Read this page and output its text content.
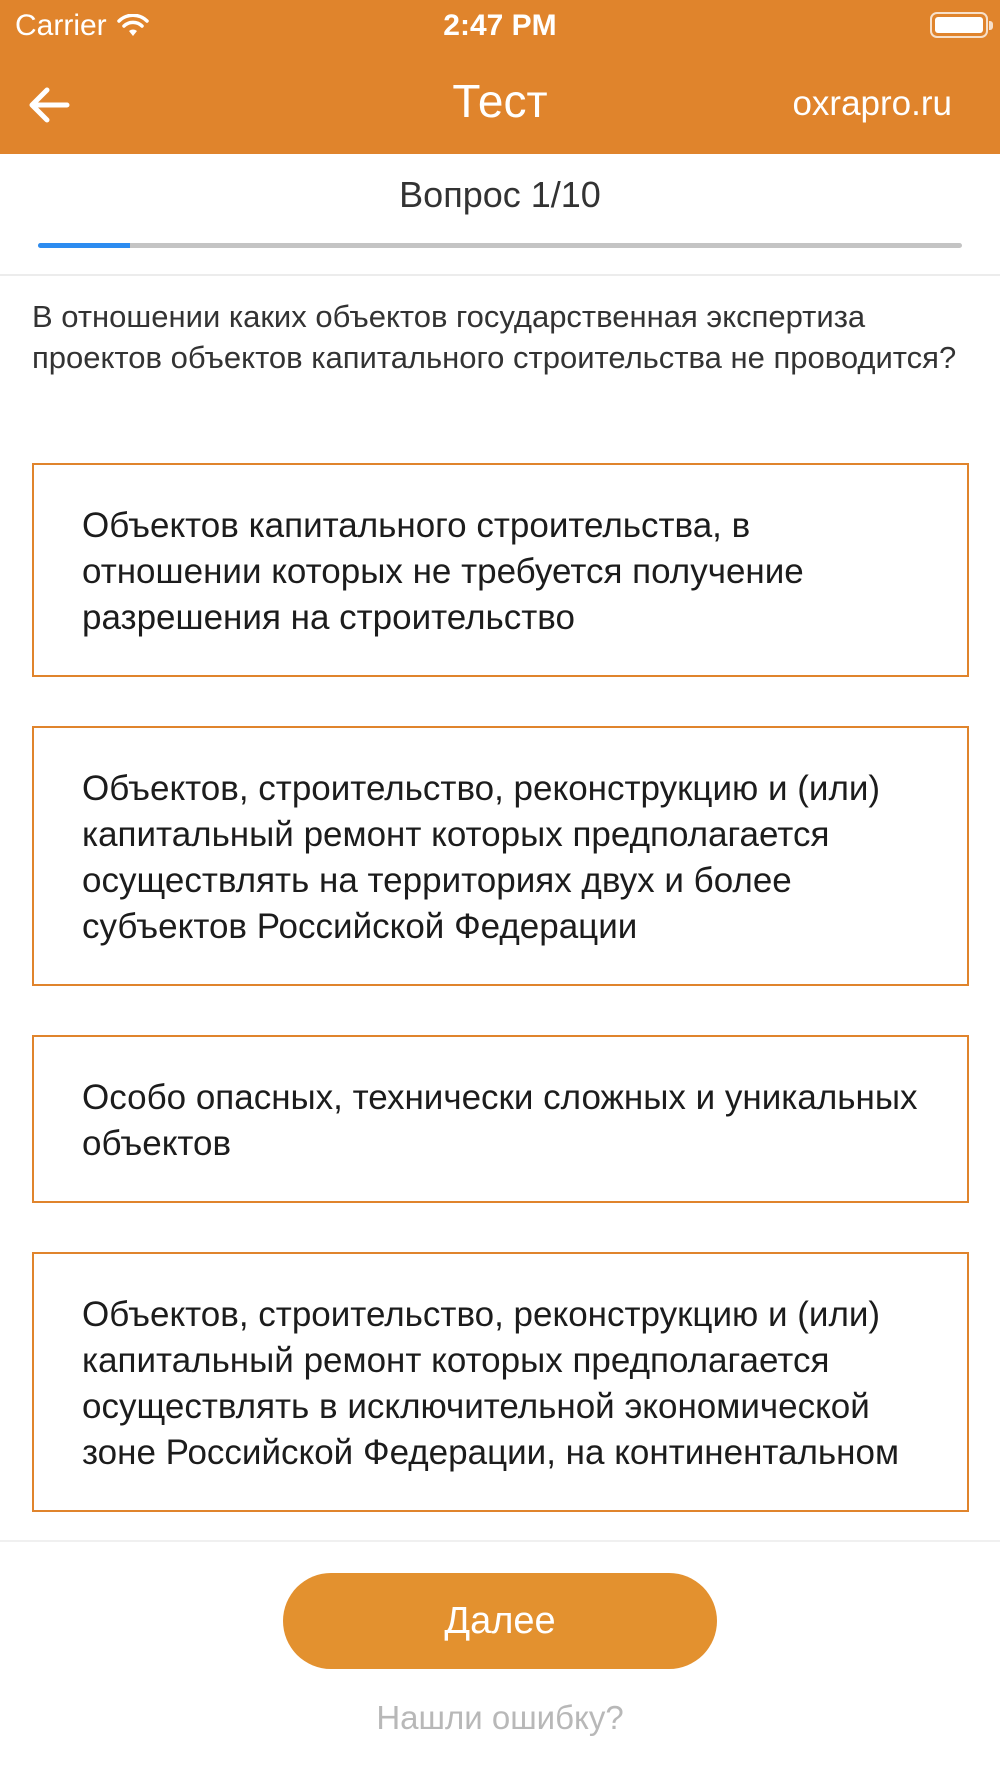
Carrier	2:47 PM
Тест	oxrapro.ru
Вопрос 1/10
В отношении каких объектов государственная экспертиза проектов объектов капитального строительства не проводится?
Объектов капитального строительства, в отношении которых не требуется получение разрешения на строительство
Объектов, строительство, реконструкцию и (или) капитальный ремонт которых предполагается осуществлять на территориях двух и более субъектов Российской Федерации
Особо опасных, технически сложных и уникальных объектов
Объектов, строительство, реконструкцию и (или) капитальный ремонт которых предполагается осуществлять в исключительной экономической зоне Российской Федерации, на континентальном
Далее
Нашли ошибку?
